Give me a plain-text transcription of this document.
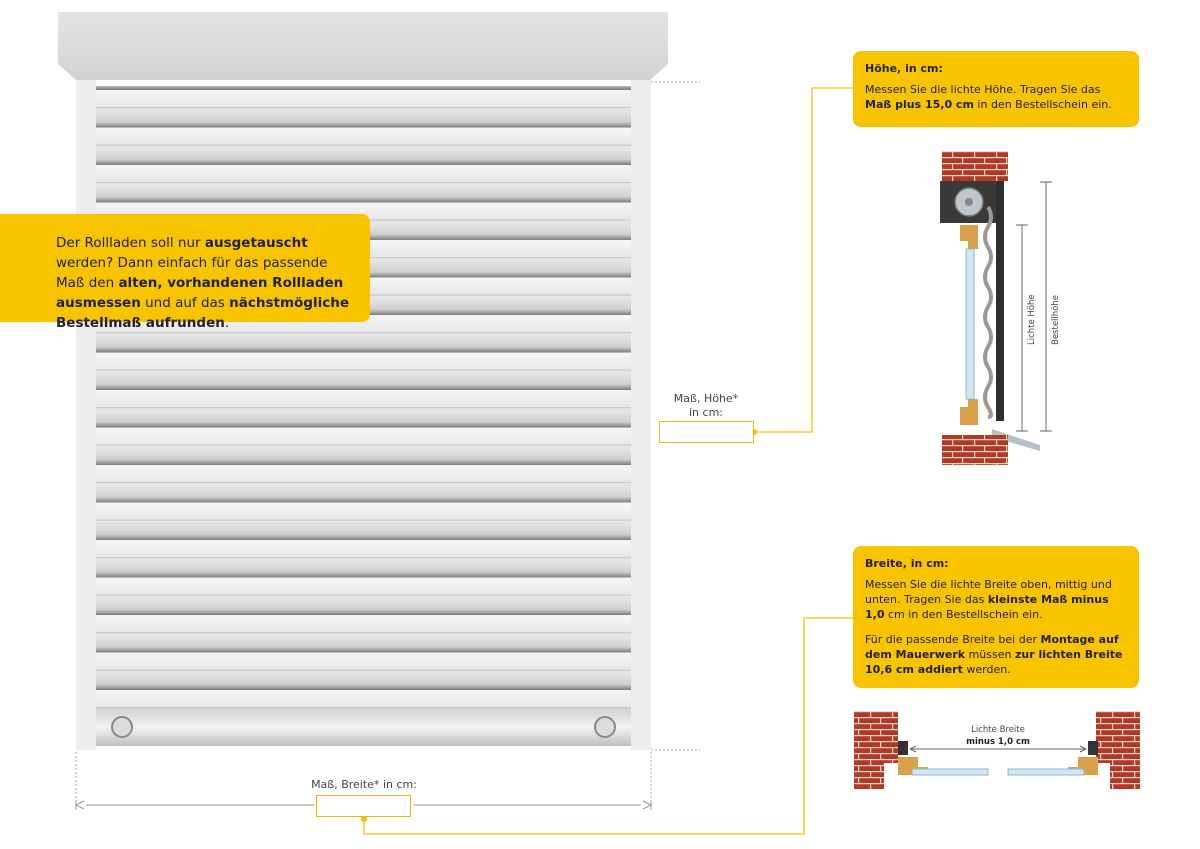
Der Rollladen soll nur ausgetauscht werden? Dann einfach für das passende Maß den alten, vorhandenen Rollladen ausmessen und auf das nächstmögliche Bestellmaß aufrunden.
Maß, Höhe*
in cm:
Maß, Breite* in cm:
Höhe, in cm:
Messen Sie die lichte Höhe. Tragen Sie das Maß plus 15,0 cm in den Bestellschein ein.
Breite, in cm:
Messen Sie die lichte Breite oben, mittig und unten. Tragen Sie das kleinste Maß minus 1,0 cm in den Bestellschein ein.
Für die passende Breite bei der Montage auf dem Mauerwerk müssen zur lichten Breite 10,6 cm addiert werden.
Lichte Höhe Bestellhöhe
Lichte Breite
minus 1,0 cm
